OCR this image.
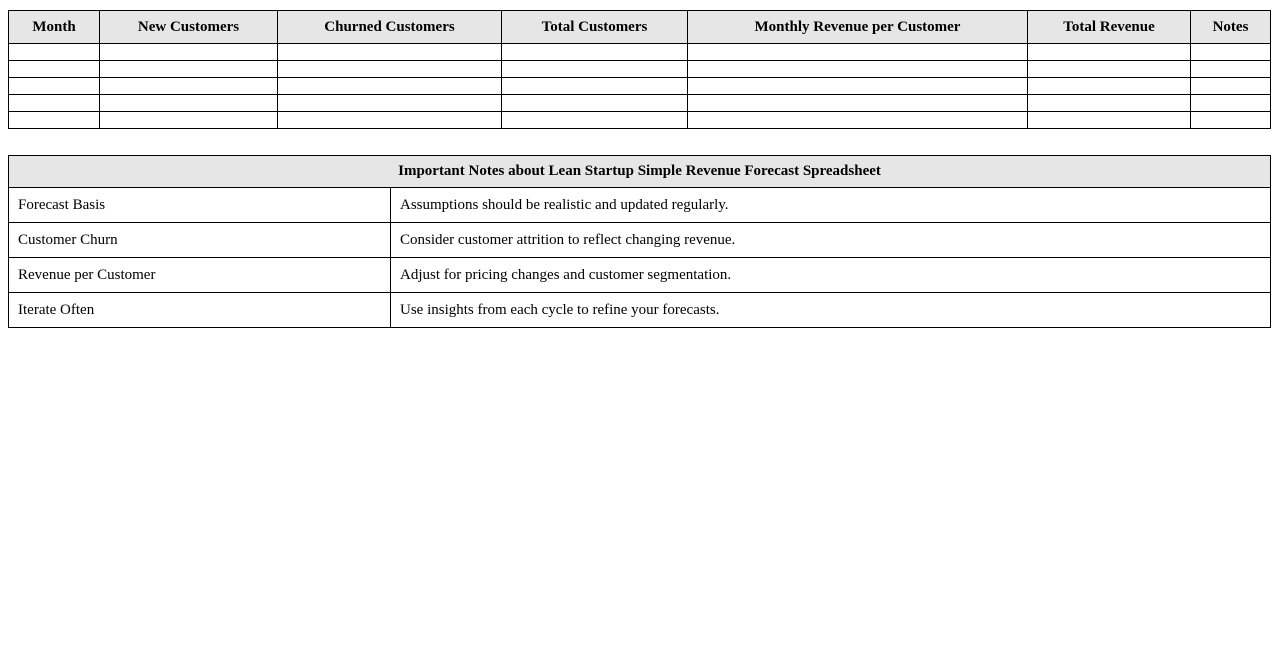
Month	New Customers	Churned Customers	Total Customers	Monthly Revenue per Customer	Total Revenue	Notes

Important Notes about Lean Startup Simple Revenue Forecast Spreadsheet	
Forecast Basis	Assumptions should be realistic and updated regularly.
Customer Churn	Consider customer attrition to reflect changing revenue.
Revenue per Customer	Adjust for pricing changes and customer segmentation.
Iterate Often	Use insights from each cycle to refine your forecasts.
